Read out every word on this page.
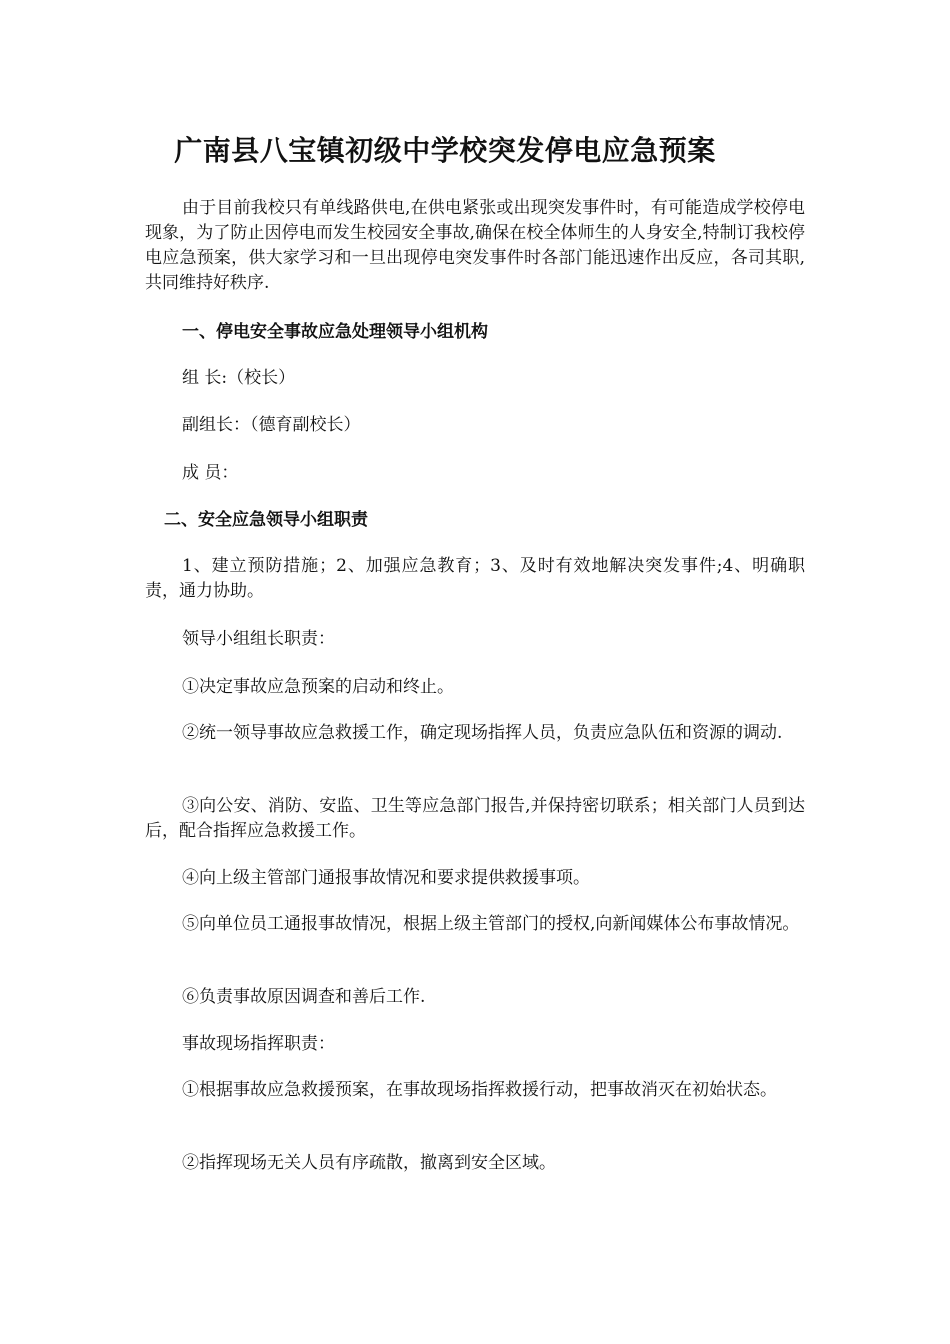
广南县八宝镇初级中学校突发停电应急预案

由于目前我校只有单线路供电,在供电紧张或出现突发事件时，有可能造成学校停电现象，为了防止因停电而发生校园安全事故,确保在校全体师生的人身安全,特制订我校停电应急预案，供大家学习和一旦出现停电突发事件时各部门能迅速作出反应，各司其职,共同维持好秩序.

一、停电安全事故应急处理领导小组机构

组 长:（校长）

副组长：（德育副校长）

成 员：

二、安全应急领导小组职责

1、建立预防措施；2、加强应急教育；3、及时有效地解决突发事件;4、明确职责，通力协助。

领导小组组长职责：

①决定事故应急预案的启动和终止。

②统一领导事故应急救援工作，确定现场指挥人员，负责应急队伍和资源的调动.

③向公安、消防、安监、卫生等应急部门报告,并保持密切联系；相关部门人员到达后，配合指挥应急救援工作。

④向上级主管部门通报事故情况和要求提供救援事项。

⑤向单位员工通报事故情况，根据上级主管部门的授权,向新闻媒体公布事故情况。

⑥负责事故原因调查和善后工作.

事故现场指挥职责：

①根据事故应急救援预案，在事故现场指挥救援行动，把事故消灭在初始状态。

②指挥现场无关人员有序疏散，撤离到安全区域。
